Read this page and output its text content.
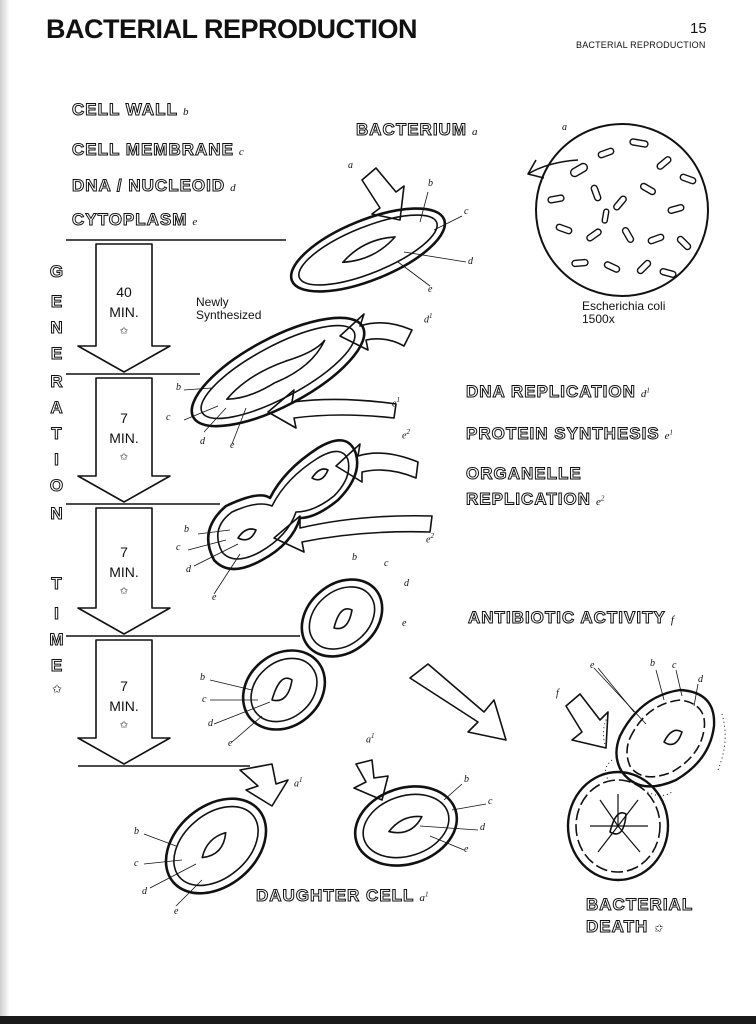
BACTERIAL REPRODUCTION	15
BACTERIAL REPRODUCTION
CELL WALL b
CELL MEMBRANE c
DNA / NUCLEOID d
CYTOPLASM e
BACTERIUM a
DNA REPLICATION $d^1$
PROTEIN SYNTHESIS $e^1$
ORGANELLE
REPLICATION $e^2$
ANTIBIOTIC ACTIVITY f
DAUGHTER CELL $a^1$
BACTERIAL
DEATH ✩
G
E
N
E
R
A
T
I
O
N
T
I
M
E
✩
40
MIN.
✩
7
MIN.
✩
7
MIN.
✩
7
MIN.
✩
Newly
Synthesized
Escherichia coli
1500x
a
b
c
d
e
a
$d^1$
$e^1$
$e^2$
$e^2$
b
c
d	e
b
c
d
e
b
c
d
e
b
c
d
e
$a^1$
$a^1$
b
c
d
e
b
c
d
e
e	b c
d
f
